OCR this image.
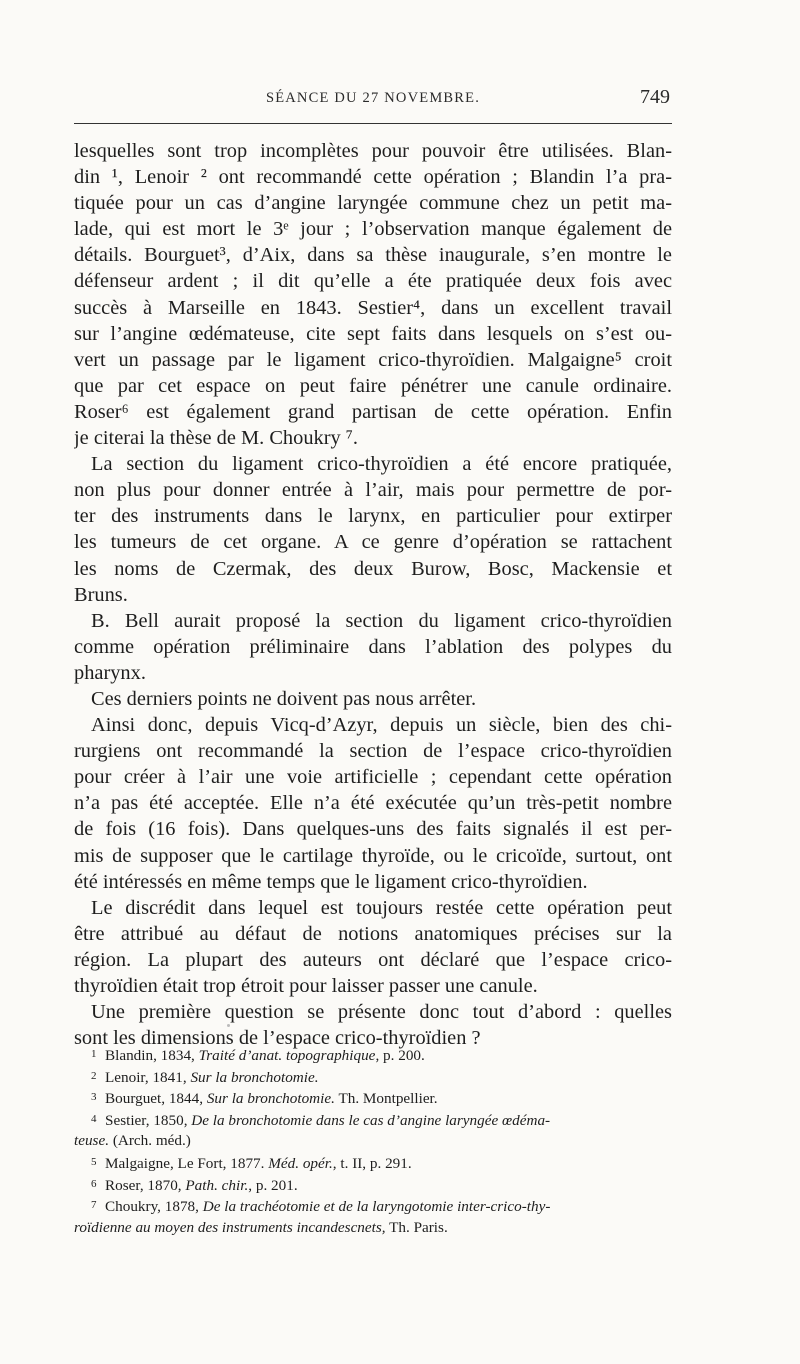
SÉANCE DU 27 NOVEMBRE.	749
lesquelles sont trop incomplètes pour pouvoir être utilisées. Blan-
din ¹, Lenoir ² ont recommandé cette opération ; Blandin l’a pra-
tiquée pour un cas d’angine laryngée commune chez un petit ma-
lade, qui est mort le 3ᵉ jour ; l’observation manque également de
détails. Bourguet³, d’Aix, dans sa thèse inaugurale, s’en montre le
défenseur ardent ; il dit qu’elle a éte pratiquée deux fois avec
succès à Marseille en 1843. Sestier⁴, dans un excellent travail
sur l’angine œdémateuse, cite sept faits dans lesquels on s’est ou-
vert un passage par le ligament crico-thyroïdien. Malgaigne⁵ croit
que par cet espace on peut faire pénétrer une canule ordinaire.
Roser⁶ est également grand partisan de cette opération. Enfin
je citerai la thèse de M. Choukry ⁷.
La section du ligament crico-thyroïdien a été encore pratiquée,
non plus pour donner entrée à l’air, mais pour permettre de por-
ter des instruments dans le larynx, en particulier pour extirper
les tumeurs de cet organe. A ce genre d’opération se rattachent
les noms de Czermak, des deux Burow, Bosc, Mackensie et
Bruns.
B. Bell aurait proposé la section du ligament crico-thyroïdien
comme opération préliminaire dans l’ablation des polypes du
pharynx.
Ces derniers points ne doivent pas nous arrêter.
Ainsi donc, depuis Vicq-d’Azyr, depuis un siècle, bien des chi-
rurgiens ont recommandé la section de l’espace crico-thyroïdien
pour créer à l’air une voie artificielle ; cependant cette opération
n’a pas été acceptée. Elle n’a été exécutée qu’un très-petit nombre
de fois (16 fois). Dans quelques-uns des faits signalés il est per-
mis de supposer que le cartilage thyroïde, ou le cricoïde, surtout, ont
été intéressés en même temps que le ligament crico-thyroïdien.
Le discrédit dans lequel est toujours restée cette opération peut
être attribué au défaut de notions anatomiques précises sur la
région. La plupart des auteurs ont déclaré que l’espace crico-
thyroïdien était trop étroit pour laisser passer une canule.
Une première question se présente donc tout d’abord : quelles
sont les dimensions de l’espace crico-thyroïdien ?
1 Blandin, 1834, Traité d’anat. topographique, p. 200.
2 Lenoir, 1841, Sur la bronchotomie.
3 Bourguet, 1844, Sur la bronchotomie. Th. Montpellier.
4 Sestier, 1850, De la bronchotomie dans le cas d’angine laryngée œdéma-
teuse. (Arch. méd.)
5 Malgaigne, Le Fort, 1877. Méd. opér., t. II, p. 291.
6 Roser, 1870, Path. chir., p. 201.
7 Choukry, 1878, De la trachéotomie et de la laryngotomie inter-crico-thy-
roïdienne au moyen des instruments incandescnets, Th. Paris.
